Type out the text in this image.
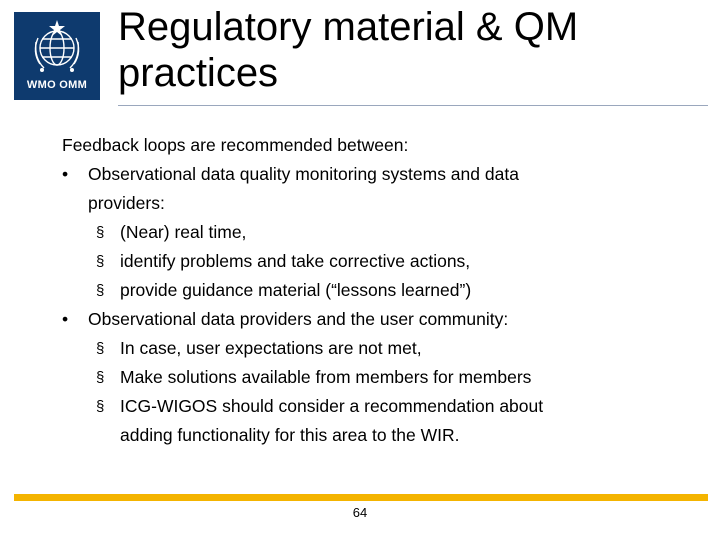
WMO OMM
Regulatory material & QM practices

Feedback loops are recommended between:

• Observational data quality monitoring systems and data

providers:

§ (Near) real time,
§ identify problems and take corrective actions,
§ provide guidance material (“lessons learned”)
• Observational data providers and the user community:
§ In case, user expectations are not met,
§ Make solutions available from members for members
§ ICG-WIGOS should consider a recommendation about

adding functionality for this area to the WIR.

64
